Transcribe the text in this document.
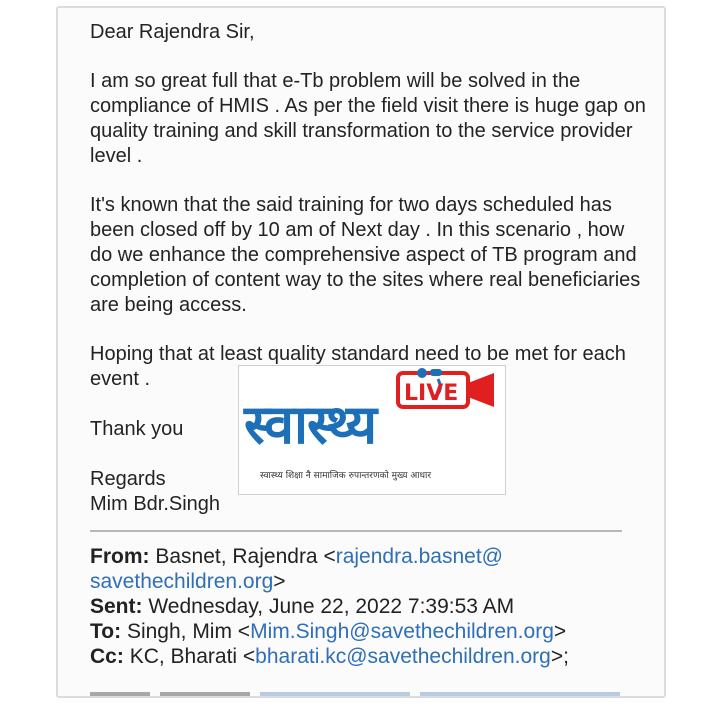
Dear Rajendra Sir,

I am so great full that e-Tb problem will be solved in the compliance of HMIS . As per the field visit there is huge gap on quality training and skill transformation to the service provider level .

It's known that the said training for two days scheduled has been closed off by 10 am of Next day . In this scenario , how do we enhance the comprehensive aspect of TB program and completion of content way to the sites where real beneficiaries are being access.

Hoping that at least quality standard need to be met for each event .

Thank you

Regards

Mim Bdr.Singh

From: Basnet, Rajendra <rajendra.basnet@ savethechildren.org>
Sent: Wednesday, June 22, 2022 7:39:53 AM
To: Singh, Mim <Mim.Singh@savethechildren.org>
Cc: KC, Bharati <bharati.kc@savethechildren.org>;
स्वास्थ्य LIVE
स्वास्थ्य शिक्षा नै सामाजिक रुपान्तरणको मुख्य आधार
